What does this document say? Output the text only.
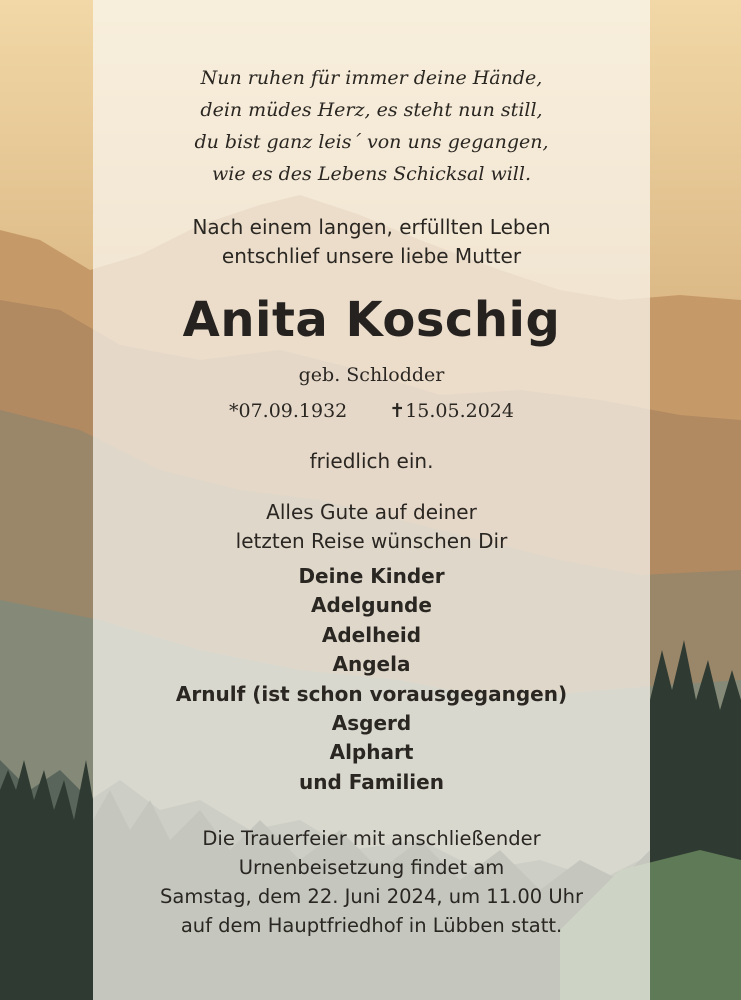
Nun ruhen für immer deine Hände,
dein müdes Herz, es steht nun still,
du bist ganz leis´ von uns gegangen,
wie es des Lebens Schicksal will.
Nach einem langen, erfüllten Leben
entschlief unsere liebe Mutter
Anita Koschig
geb. Schlodder
*07.09.1932 ✝15.05.2024
friedlich ein.
Alles Gute auf deiner
letzten Reise wünschen Dir
Deine Kinder
Adelgunde
Adelheid
Angela
Arnulf (ist schon vorausgegangen)
Asgerd
Alphart
und Familien
Die Trauerfeier mit anschließender
Urnenbeisetzung findet am
Samstag, dem 22. Juni 2024, um 11.00 Uhr
auf dem Hauptfriedhof in Lübben statt.
